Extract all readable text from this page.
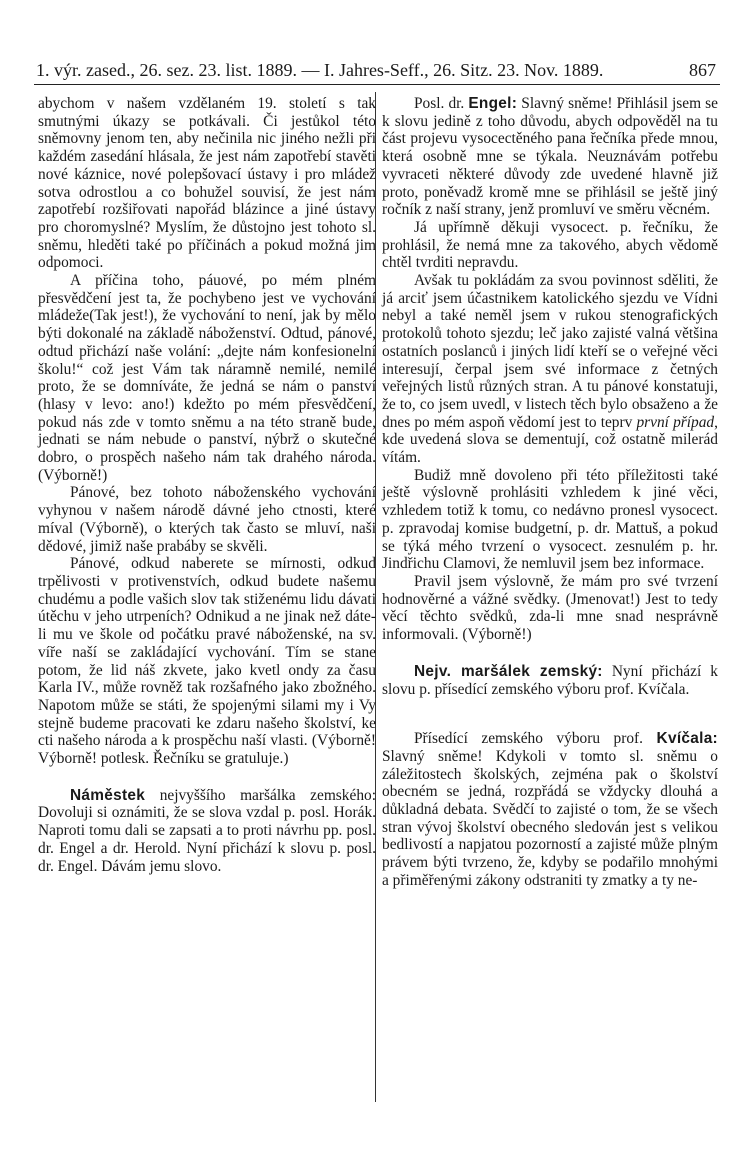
1. výr. zased., 26. sez. 23. list. 1889. — I. Jahres-Seff., 26. Sitz. 23. Nov. 1889.	867

abychom v našem vzdělaném 19. století s tak smutnými úkazy se potkávali. Či jestůkol této sněmovny jenom ten, aby nečinila nic jiného nežli při každém zasedání hlásala, že jest nám zapotřebí stavěti nové káznice, nové polepšovací ústavy i pro mládež sotva odrostlou a co bohužel souvisí, že jest nám zapotřebí rozšiřovati napořád blázince a jiné ústavy pro choromyslné? Myslím, že důstojno jest tohoto sl. sněmu, hleděti také po příčinách a pokud možná jim odpomoci.

A příčina toho, páuové, po mém plném přesvědčení jest ta, že pochybeno jest ve vychování mládeže(Tak jest!), že vychování to není, jak by mělo býti dokonalé na základě náboženství. Odtud, pánové, odtud přichází naše volání: „dejte nám konfesionelní školu!“ což jest Vám tak náramně nemilé, nemilé proto, že se domníváte, že jedná se nám o panství (hlasy v levo: ano!) kdežto po mém přesvědčení, pokud nás zde v tomto sněmu a na této straně bude, jednati se nám nebude o panství, nýbrž o skutečné dobro, o prospěch našeho nám tak drahého národa. (Výborně!)

Pánové, bez tohoto náboženského vychování vyhynou v našem národě dávné jeho ctnosti, které míval (Výborně), o kterých tak často se mluví, naši dědové, jimiž naše prabáby se skvěli.

Pánové, odkud naberete se mírnosti, odkud trpělivosti v protivenstvích, odkud budete našemu chudému a podle vašich slov tak stiženému lidu dávati útěchu v jeho utrpeních? Odnikud a ne jinak než dáte-li mu ve škole od počátku pravé náboženské, na sv. víře naší se zakládající vychování. Tím se stane potom, že lid náš zkvete, jako kvetl ondy za času Karla IV., může rovněž tak rozšafného jako zbožného. Napotom může se státi, že spojenými silami my i Vy stejně budeme pracovati ke zdaru našeho školství, ke cti našeho národa a k prospěchu naší vlasti. (Výborně! Výborně! potlesk. Řečníku se gratuluje.)

Náměstek nejvyššího maršálka zemského: Dovoluji si oznámiti, že se slova vzdal p. posl. Horák. Naproti tomu dali se zapsati a to proti návrhu pp. posl. dr. Engel a dr. Herold. Nyní přichází k slovu p. posl. dr. Engel. Dávám jemu slovo.

Posl. dr. Engel: Slavný sněme! Přihlásil jsem se k slovu jedině z toho důvodu, abych odpověděl na tu část projevu vysocectěného pana řečníka přede mnou, která osobně mne se týkala. Neuznávám potřebu vyvraceti některé důvody zde uvedené hlavně již proto, poněvadž kromě mne se přihlásil se ještě jiný ročník z naší strany, jenž promluví ve směru věcném.

Já upřímně děkuji vysocect. p. řečníku, že prohlásil, že nemá mne za takového, abych vědomě chtěl tvrditi nepravdu.

Avšak tu pokládám za svou povinnost sděliti, že já arciť jsem účastnikem katolického sjezdu ve Vídni nebyl a také neměl jsem v rukou stenografických protokolů tohoto sjezdu; leč jako zajisté valná většina ostatních poslanců i jiných lidí kteří se o veřejné věci interesují, čerpal jsem své informace z četných veřejných listů různých stran. A tu pánové konstatuji, že to, co jsem uvedl, v listech těch bylo obsaženo a že dnes po mém aspoň vědomí jest to teprv první případ, kde uvedená slova se dementují, což ostatně milerád vítám.

Budiž mně dovoleno při této příležitosti také ještě výslovně prohlásiti vzhledem k jiné věci, vzhledem totiž k tomu, co nedávno pronesl vysocect. p. zpravodaj komise budgetní, p. dr. Mattuš, a pokud se týká mého tvrzení o vysocect. zesnulém p. hr. Jindřichu Clamovi, že nemluvil jsem bez informace.

Pravil jsem výslovně, že mám pro své tvrzení hodnověrné a vážné svědky. (Jmenovat!) Jest to tedy věcí těchto svědků, zda-li mne snad nesprávně informovali. (Výborně!)

Nejv. maršálek zemský: Nyní přichází k slovu p. přísedící zemského výboru prof. Kvíčala.

Přísedící zemského výboru prof. Kvíčala: Slavný sněme! Kdykoli v tomto sl. sněmu o záležitostech školských, zejména pak o školství obecném se jedná, rozpřádá se vždycky dlouhá a důkladná debata. Svědčí to zajisté o tom, že se všech stran vývoj školství obecného sledován jest s velikou bedlivostí a napjatou pozorností a zajisté může plným právem býti tvrzeno, že, kdyby se podařilo mnohými a přiměřenými zákony odstraniti ty zmatky a ty ne-
